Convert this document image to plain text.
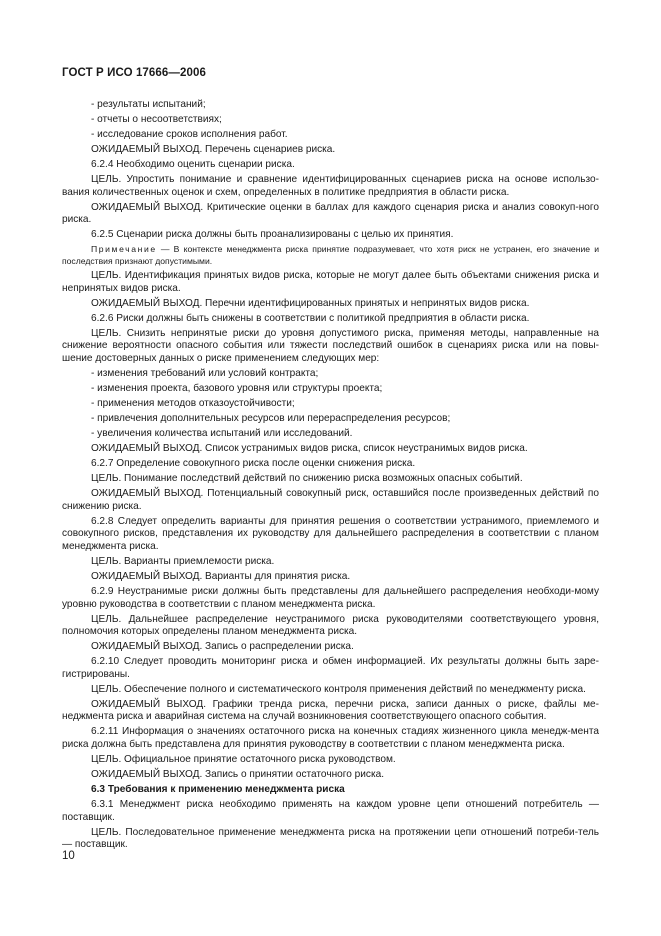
ГОСТ Р ИСО 17666—2006

- результаты испытаний;

- отчеты о несоответствиях;

- исследование сроков исполнения работ.

ОЖИДАЕМЫЙ ВЫХОД. Перечень сценариев риска.

6.2.4 Необходимо оценить сценарии риска.

ЦЕЛЬ. Упростить понимание и сравнение идентифицированных сценариев риска на основе использо-вания количественных оценок и схем, определенных в политике предприятия в области риска.

ОЖИДАЕМЫЙ ВЫХОД. Критические оценки в баллах для каждого сценария риска и анализ совокуп-ного риска.

6.2.5 Сценарии риска должны быть проанализированы с целью их принятия.

Примечание — В контексте менеджмента риска принятие подразумевает, что хотя риск не устранен, его значение и последствия признают допустимыми.

ЦЕЛЬ. Идентификация принятых видов риска, которые не могут далее быть объектами снижения риска и непринятых видов риска.

ОЖИДАЕМЫЙ ВЫХОД. Перечни идентифицированных принятых и непринятых видов риска.

6.2.6 Риски должны быть снижены в соответствии с политикой предприятия в области риска.

ЦЕЛЬ. Снизить непринятые риски до уровня допустимого риска, применяя методы, направленные на снижение вероятности опасного события или тяжести последствий ошибок в сценариях риска или на повы-шение достоверных данных о риске применением следующих мер:

- изменения требований или условий контракта;

- изменения проекта, базового уровня или структуры проекта;

- применения методов отказоустойчивости;

- привлечения дополнительных ресурсов или перераспределения ресурсов;

- увеличения количества испытаний или исследований.

ОЖИДАЕМЫЙ ВЫХОД. Список устранимых видов риска, список неустранимых видов риска.

6.2.7 Определение совокупного риска после оценки снижения риска.

ЦЕЛЬ. Понимание последствий действий по снижению риска возможных опасных событий.

ОЖИДАЕМЫЙ ВЫХОД. Потенциальный совокупный риск, оставшийся после произведенных действий по снижению риска.

6.2.8 Следует определить варианты для принятия решения о соответствии устранимого, приемлемого и совокупного рисков, представления их руководству для дальнейшего распределения в соответствии с планом менеджмента риска.

ЦЕЛЬ. Варианты приемлемости риска.

ОЖИДАЕМЫЙ ВЫХОД. Варианты для принятия риска.

6.2.9 Неустранимые риски должны быть представлены для дальнейшего распределения необходи-мому уровню руководства в соответствии с планом менеджмента риска.

ЦЕЛЬ. Дальнейшее распределение неустранимого риска руководителями соответствующего уровня, полномочия которых определены планом менеджмента риска.

ОЖИДАЕМЫЙ ВЫХОД. Запись о распределении риска.

6.2.10 Следует проводить мониторинг риска и обмен информацией. Их результаты должны быть заре-гистрированы.

ЦЕЛЬ. Обеспечение полного и систематического контроля применения действий по менеджменту риска.

ОЖИДАЕМЫЙ ВЫХОД. Графики тренда риска, перечни риска, записи данных о риске, файлы ме-неджмента риска и аварийная система на случай возникновения соответствующего опасного события.

6.2.11 Информация о значениях остаточного риска на конечных стадиях жизненного цикла менедж-мента риска должна быть представлена для принятия руководству в соответствии с планом менеджмента риска.

ЦЕЛЬ. Официальное принятие остаточного риска руководством.

ОЖИДАЕМЫЙ ВЫХОД. Запись о принятии остаточного риска.

6.3 Требования к применению менеджмента риска

6.3.1 Менеджмент риска необходимо применять на каждом уровне цепи отношений потребитель — поставщик.

ЦЕЛЬ. Последовательное применение менеджмента риска на протяжении цепи отношений потреби-тель — поставщик.

10
